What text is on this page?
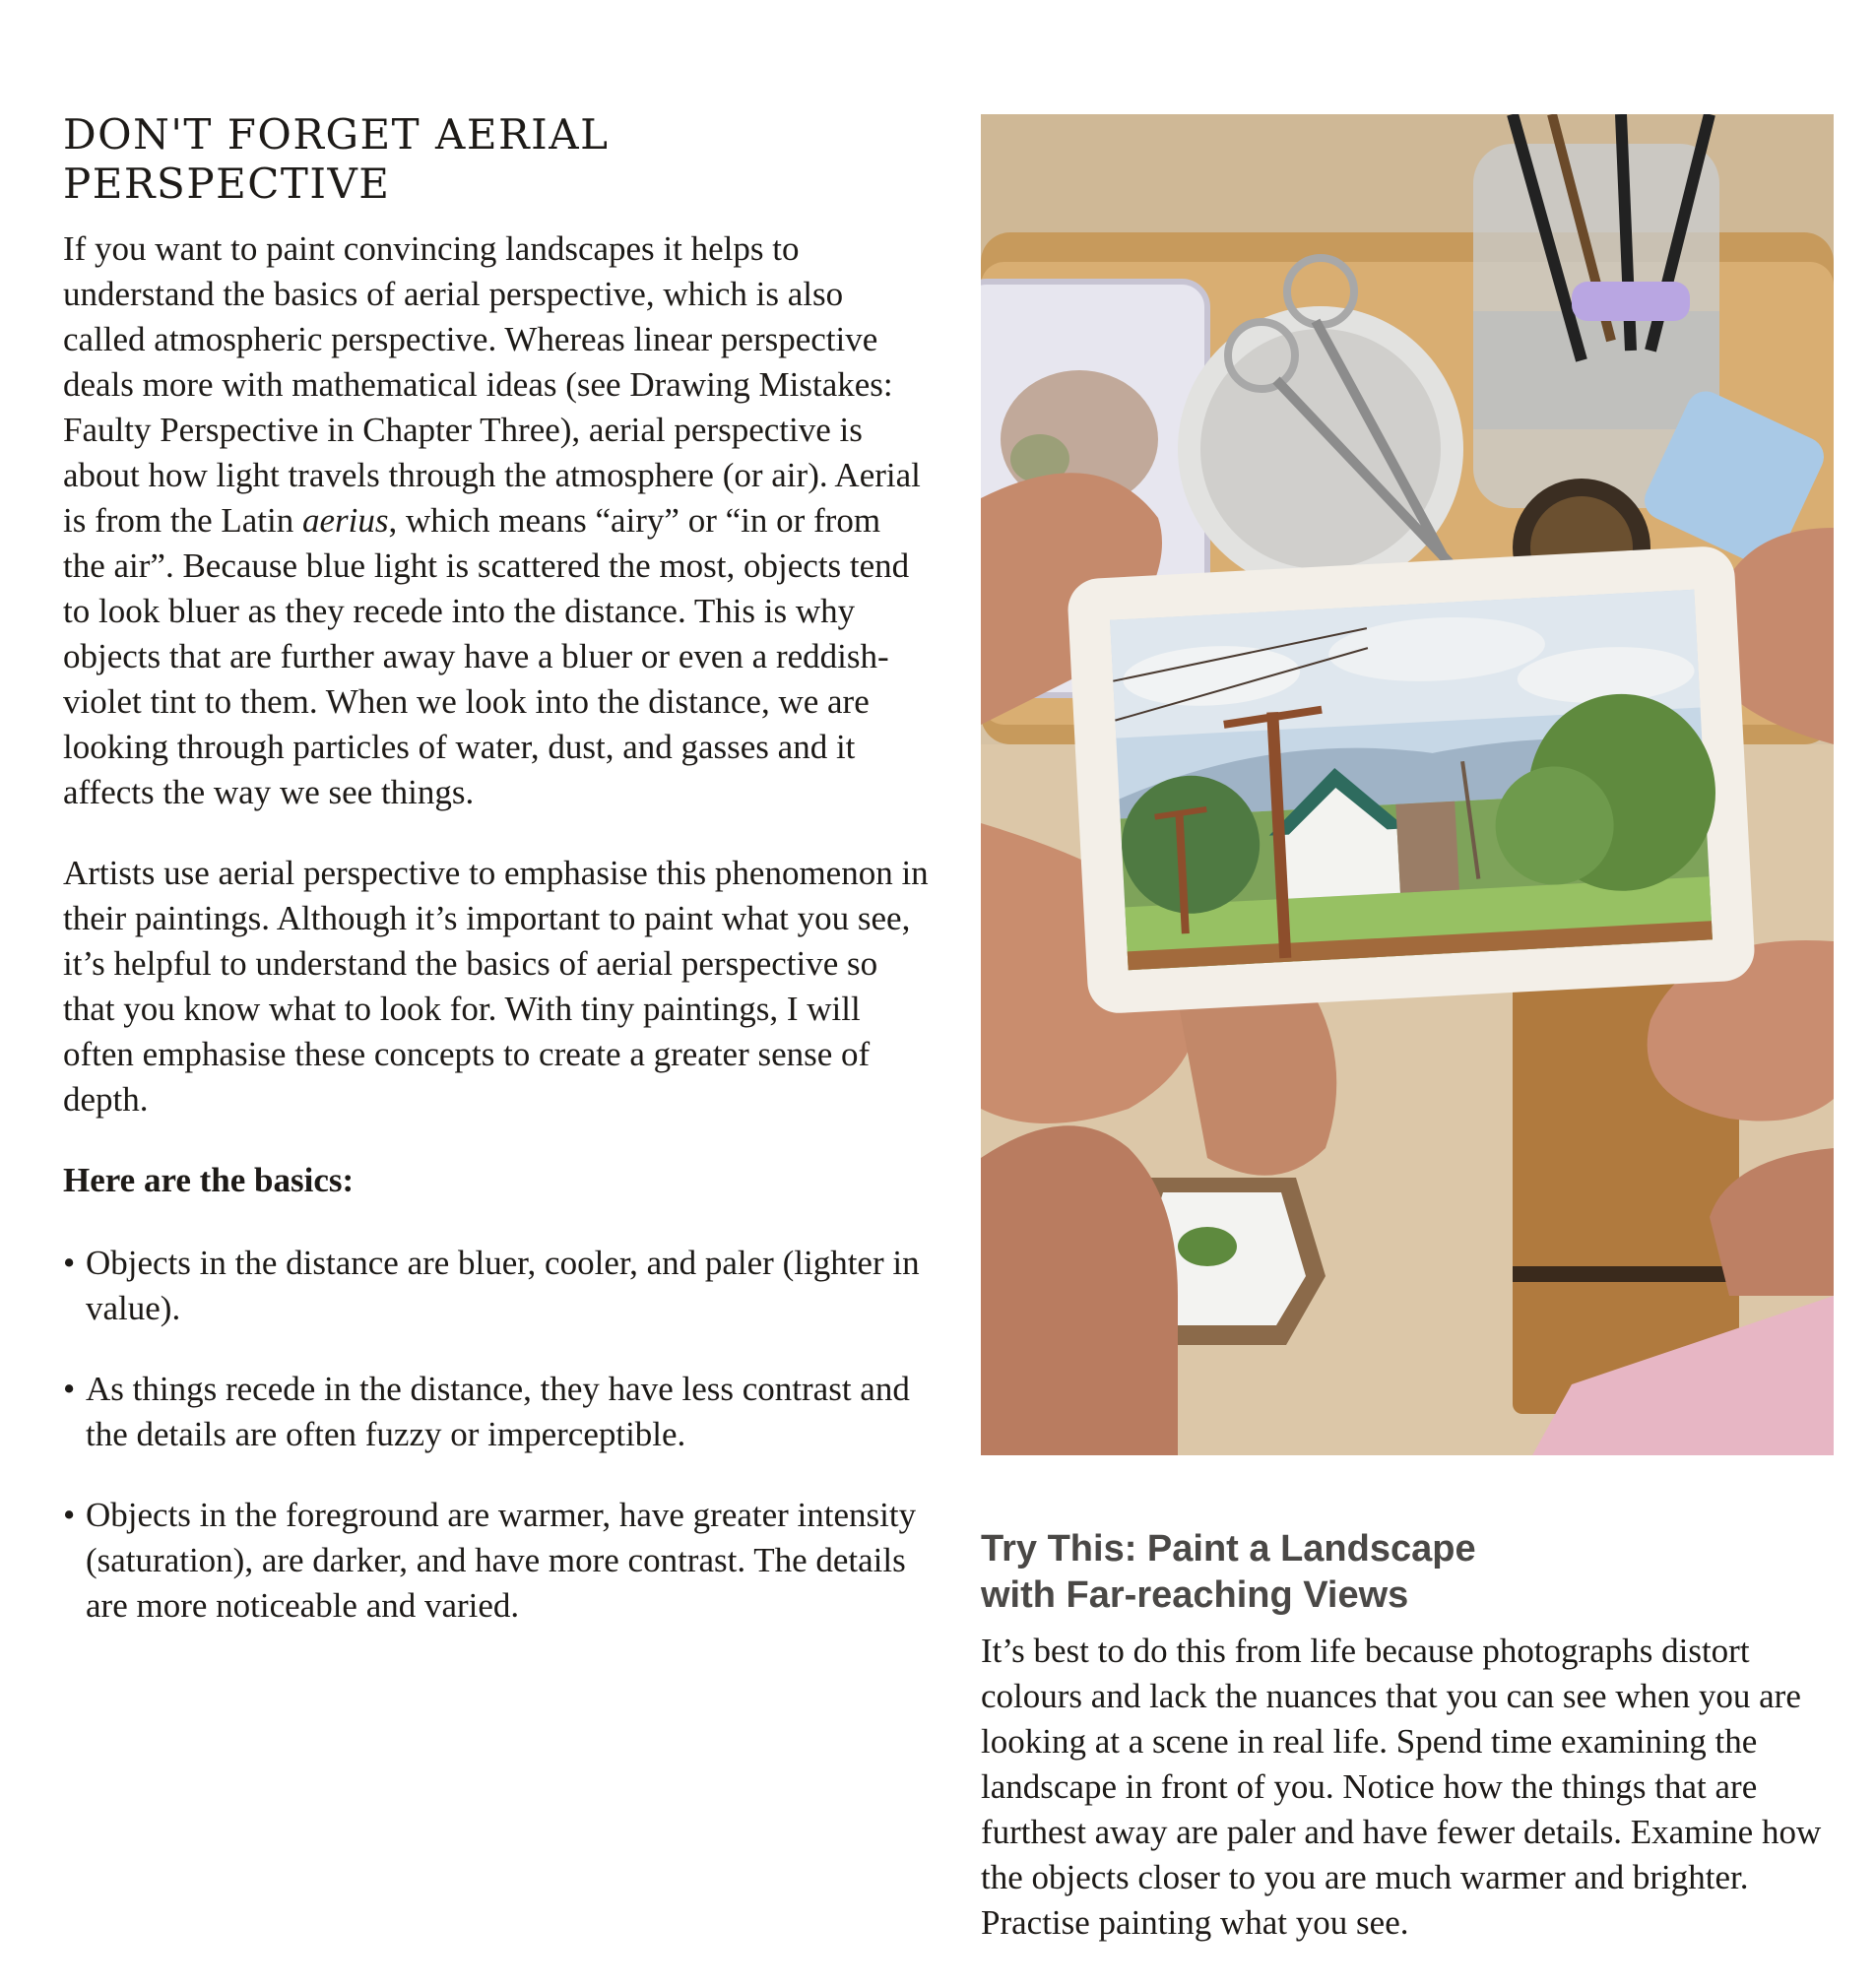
DON'T FORGET AERIAL
PERSPECTIVE

If you want to paint convincing landscapes it helps to understand the basics of aerial perspective, which is also called atmospheric perspective. Whereas linear perspective deals more with mathematical ideas (see Drawing Mistakes: Faulty Perspective in Chapter Three), aerial perspective is about how light travels through the atmosphere (or air). Aerial is from the Latin aerius, which means “airy” or “in or from the air”. Because blue light is scattered the most, objects tend to look bluer as they recede into the distance. This is why objects that are further away have a bluer or even a reddish-violet tint to them. When we look into the distance, we are looking through particles of water, dust, and gasses and it affects the way we see things.

Artists use aerial perspective to emphasise this phenomenon in their paintings. Although it’s important to paint what you see, it’s helpful to understand the basics of aerial perspective so that you know what to look for. With tiny paintings, I will often emphasise these concepts to create a greater sense of depth.

Here are the basics:

• Objects in the distance are bluer, cooler, and paler (lighter in value).
• As things recede in the distance, they have less contrast and the details are often fuzzy or imperceptible.
• Objects in the foreground are warmer, have greater intensity (saturation), are darker, and have more contrast. The details are more noticeable and varied.
Try This: Paint a Landscape
with Far-reaching Views

It’s best to do this from life because photographs distort colours and lack the nuances that you can see when you are looking at a scene in real life. Spend time examining the landscape in front of you. Notice how the things that are furthest away are paler and have fewer details. Examine how the objects closer to you are much warmer and brighter. Practise painting what you see.
